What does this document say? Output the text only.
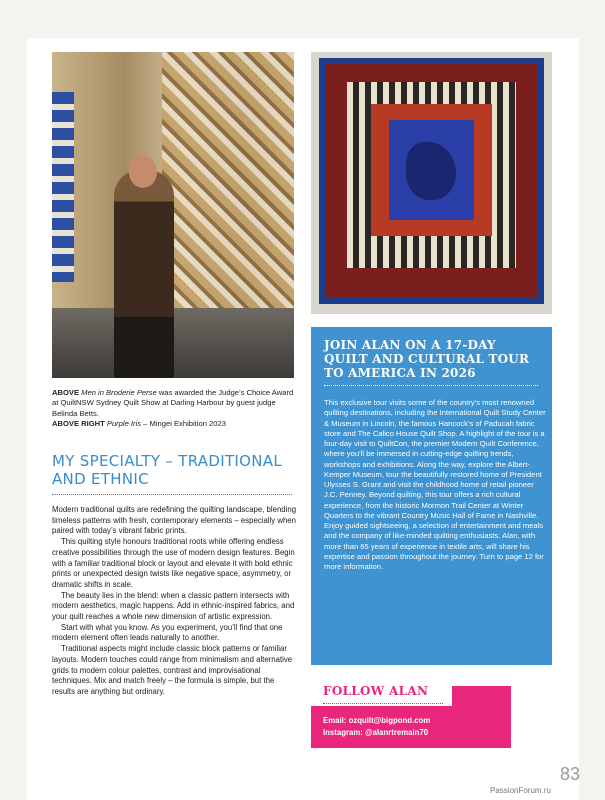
ABOVE Men in Broderie Perse was awarded the Judge’s Choice Award at QuiltNSW Sydney Quilt Show at Darling Harbour by guest judge Belinda Betts.
ABOVE RIGHT Purple Iris – Mingei Exhibition 2023
MY SPECIALTY – TRADITIONAL AND ETHNIC

Modern traditional quilts are redefining the quilting landscape, blending timeless patterns with fresh, contemporary elements – especially when paired with today’s vibrant fabric prints.

This quilting style honours traditional roots while offering endless creative possibilities through the use of modern design features. Begin with a familiar traditional block or layout and elevate it with bold ethnic prints or unexpected design twists like negative space, asymmetry, or dramatic shifts in scale.

The beauty lies in the blend: when a classic pattern intersects with modern aesthetics, magic happens. Add in ethnic-inspired fabrics, and your quilt reaches a whole new dimension of artistic expression.

Start with what you know. As you experiment, you’ll find that one modern element often leads naturally to another.

Traditional aspects might include classic block patterns or familiar layouts. Modern touches could range from minimalism and alternative grids to modern colour palettes, contrast and improvisational techniques. Mix and match freely – the formula is simple, but the results are anything but ordinary.

JOIN ALAN ON A 17-DAY QUILT AND CULTURAL TOUR TO AMERICA IN 2026
This exclusive tour visits some of the country’s most renowned quilting destinations, including the International Quilt Study Center & Museum in Lincoln, the famous Hancock’s of Paducah fabric store and The Calico House Quilt Shop. A highlight of the tour is a four-day visit to QuiltCon, the premier Modern Quilt Conference, where you’ll be immersed in cutting-edge quilting trends, workshops and exhibitions. Along the way, explore the Albert-Kemper Museum, tour the beautifully restored home of President Ulysses S. Grant and visit the childhood home of retail pioneer J.C. Penney. Beyond quilting, this tour offers a rich cultural experience, from the historic Mormon Trail Center at Winter Quarters to the vibrant Country Music Hall of Fame in Nashville. Enjoy guided sightseeing, a selection of entertainment and meals and the company of like-minded quilting enthusiasts. Alan, with more than 65 years of experience in textile arts, will share his expertise and passion throughout the journey. Turn to page 12 for more information.
FOLLOW ALAN
Email: ozquilt@bigpond.com
Instagram: @alanrtremain70
83
PassionForum.ru
